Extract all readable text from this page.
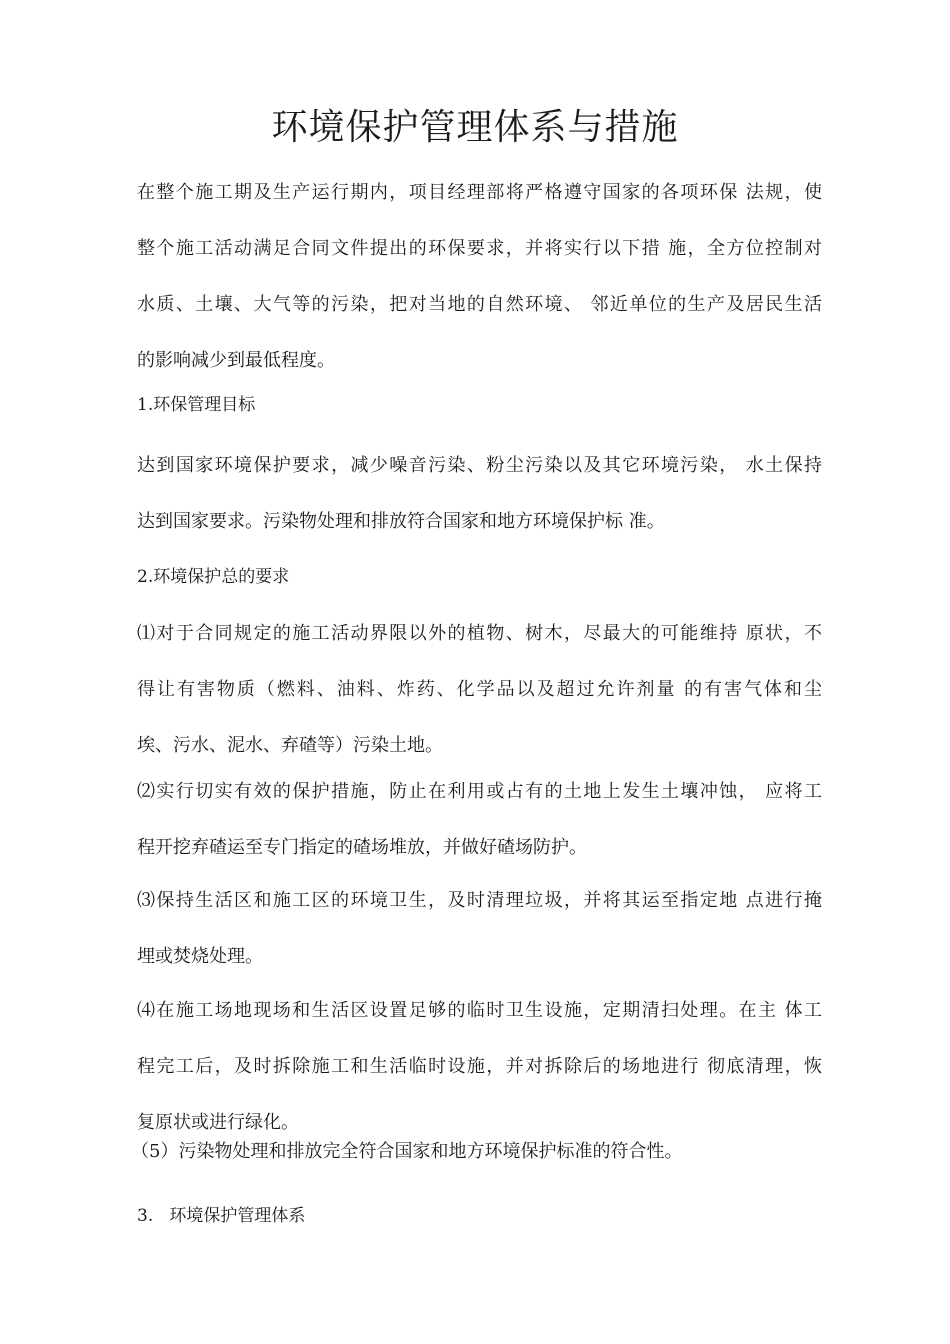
环境保护管理体系与措施
在整个施工期及生产运行期内，项目经理部将严格遵守国家的各项环保 法规，使
整个施工活动满足合同文件提出的环保要求，并将实行以下措 施，全方位控制对
水质、土壤、大气等的污染，把对当地的自然环境、 邻近单位的生产及居民生活
的影响减少到最低程度。
1.环保管理目标
达到国家环境保护要求，减少噪音污染、粉尘污染以及其它环境污染， 水土保持
达到国家要求。污染物处理和排放符合国家和地方环境保护标 准。
2.环境保护总的要求
⑴对于合同规定的施工活动界限以外的植物、树木，尽最大的可能维持 原状，不
得让有害物质（燃料、油料、炸药、化学品以及超过允许剂量 的有害气体和尘
埃、污水、泥水、弃碴等）污染土地。
⑵实行切实有效的保护措施，防止在利用或占有的土地上发生土壤冲蚀， 应将工
程开挖弃碴运至专门指定的碴场堆放，并做好碴场防护。
⑶保持生活区和施工区的环境卫生，及时清理垃圾，并将其运至指定地 点进行掩
埋或焚烧处理。
⑷在施工场地现场和生活区设置足够的临时卫生设施，定期清扫处理。在主 体工
程完工后，及时拆除施工和生活临时设施，并对拆除后的场地进行 彻底清理，恢
复原状或进行绿化。
（5）污染物处理和排放完全符合国家和地方环境保护标准的符合性。
3.   环境保护管理体系
